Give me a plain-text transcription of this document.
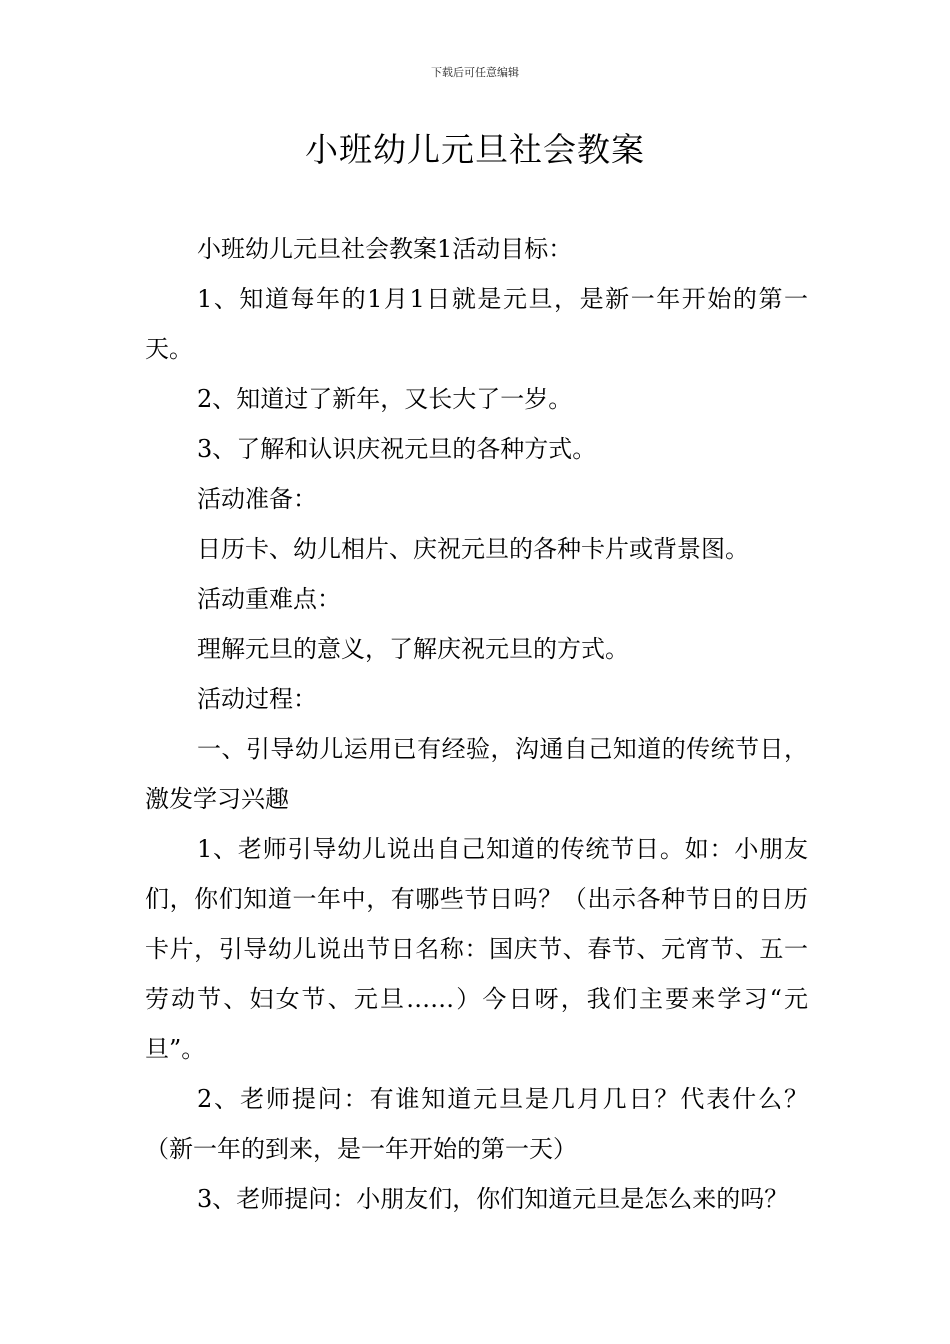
下载后可任意编辑
小班幼儿元旦社会教案

小班幼儿元旦社会教案1活动目标：

1、知道每年的1月1日就是元旦，是新一年开始的第一天。

2、知道过了新年，又长大了一岁。

3、了解和认识庆祝元旦的各种方式。

活动准备：

日历卡、幼儿相片、庆祝元旦的各种卡片或背景图。

活动重难点：

理解元旦的意义，了解庆祝元旦的方式。

活动过程：

一、引导幼儿运用已有经验，沟通自己知道的传统节日，激发学习兴趣

1、老师引导幼儿说出自己知道的传统节日。如：小朋友们，你们知道一年中，有哪些节日吗？（出示各种节日的日历卡片，引导幼儿说出节日名称：国庆节、春节、元宵节、五一劳动节、妇女节、元旦……）今日呀，我们主要来学习“元旦”。

2、老师提问：有谁知道元旦是几月几日？代表什么？（新一年的到来，是一年开始的第一天）

3、老师提问：小朋友们，你们知道元旦是怎么来的吗？
